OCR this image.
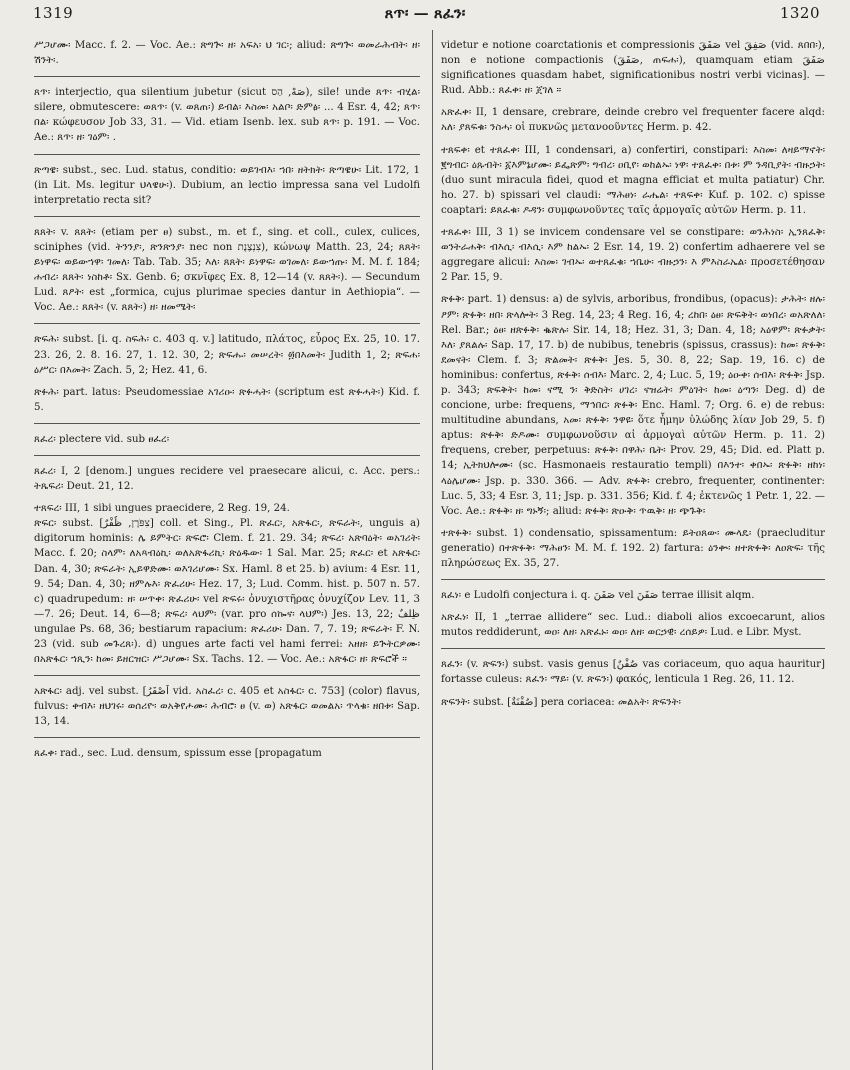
1319	ጸጥ፡ — ጸፈን፡	1320

ሥጋሆሙ፡ Macc. f. 2. — Voc. Ae.: ጽግጕ፡ ዘ፡ አፍአ፡ ህ ገር፡; aliud: ጽግጕ፡ ወመራሕብት፡ ዘ፡ ሽንት፡.

ጸጥ፡ interjectio, qua silentium jubetur (sicut صَهْ, הַס), sile! unde ጸጥ፡ ብሂል፡ silere, obmutescere: ወጸጥ፡ (v. ወጸጠ፡) ይብል፡ እስመ፡ አልቦ፡ ድምፅ፡ ... 4 Esr. 4, 42; ጸጥ፡ በል፡ κώφευσον Job 33, 31. — Vid. etiam Isenb. lex. sub ጸጥ፡ p. 191. — Voc. Ae.: ጸጥ፡ ዘ፡ ገዕም፡ .

ጽጣዌ፡ subst., sec. Lud. status, conditio: ወይገብእ፡ ኀበ፡ ዘትክት፡ ጽጣዌሁ፡ Lit. 172, 1 (in Lit. Ms. legitur ህላዌሁ፡). Dubium, an lectio impressa sana vel Ludolfi interpretatio recta sit?

ጸጸት፡ v. ጸጸት፡ (etiam per ፀ) subst., m. et f., sing. et coll., culex, culices, sciniphes (vid. ትንንያ፡, ጽንጽንያ፡ nec non צִנְצֶנֶת), κώνωψ Matth. 23, 24; ጸጸት፡ ይነዋፍ፡ ወይውኀዋ፡ ገመለ፡ Tab. Tab. 35; እለ፡ ጸጸት፡ ይነዋፍ፡ ወገመለ፡ ይውኀጡ፡ M. M. f. 184; ሐብረ፡ ጸጸት፡ ነስከቶ፡ Sx. Genb. 6; σκνῖφες Ex. 8, 12—14 (v. ጸጸት፡). — Secundum Lud. ጸዖት፡ est „formica, cujus plurimae species dantur in Aethiopia“. — Voc. Ae.: ጸጸት፡ (v. ጸጸት፡) ዘ፡ ዘመሜት፡

ጽፍሕ፡ subst. [i. q. ስፍሕ፡ c. 403 q. v.] latitudo, πλάτος, εὖρος Ex. 25, 10. 17. 23. 26, 2. 8. 16. 27, 1. 12. 30, 2; ጽፍሑ፡ መሠረት፡ ፴በእመት፡ Judith 1, 2; ጽፍሐ፡ ዕሥር፡ በእመት፡ Zach. 5, 2; Hez. 41, 6.

ጽፉሕ፡ part. latus: Pseudomessiae አገሪዑ፡ ጽፉሓት፡ (scriptum est ጽፉሓት፡) Kid. f. 5.

ጸፈረ፡ plectere vid. sub ፀፈረ፡

ጸፈረ፡ I, 2 [denom.] ungues recidere vel praesecare alicui, c. Acc. pers.: ትጼፍሪ፡ Deut. 21, 12.

ተጸፍረ፡ III, 1 sibi ungues praecidere, 2 Reg. 19, 24.

ጽፍር፡ subst. [צִפֹּרֶן, ظُفْرٌ] coll. et Sing., Pl. ጽፈር፡, አጽፋር፡, ጽፍራት፡, unguis a) digitorum hominis: ሌ ይምትር፡ ጽፍሮ፡ Clem. f. 21. 29. 34; ጽፍረ፡ አጽባዕት፡ ወአገሪት፡ Macc. f. 20; ስላም፡ ለአጻብዕኪ፡ ወለአጽፋሪኪ፡ ጽዕዱው፡ 1 Sal. Mar. 25; ጽፈር፡ et አጽፋር፡ Dan. 4, 30; ጽፍራት፡ ኢይዋድሙ፡ ወእገሪሆሙ፡ Sx. Haml. 8 et 25. b) avium: 4 Esr. 11, 9. 54; Dan. 4, 30; ዘምሉእ፡ ጽፈሪሁ፡ Hez. 17, 3; Lud. Comm. hist. p. 507 n. 57. c) quadrupedum: ዘ፡ ሠጥቀ፡ ጽፈሪሁ፡ vel ጽፍሩ፡ ὀνυχιστῆρας ὀνυχίζον Lev. 11, 3—7. 26; Deut. 14, 6—8; ጽፍረ፡ ላህም፡ (var. pro ሰኰና፡ ላህም፡) Jes. 13, 22; ظِلفٌ ungulae Ps. 68, 36; bestiarum rapacium: ጽፈሪሁ፡ Dan. 7, 7. 19; ጽፍራት፡ F. N. 23 (vid. sub መጉረጸ፡). d) ungues arte facti vel hami ferrei: አዘዘ፡ ይጕትርዎሙ፡ በአጽፋር፡ ኀጺን፡ ከመ፡ ይዘርዝር፡ ሥጋሆሙ፡ Sx. Tachs. 12. — Voc. Ae.: አጽፋር፡ ዘ፡ ጽፍሮች ።

አጽፋር፡ adj. vel subst. [اَصْفَرُ vid. አስፈረ፡ c. 405 et አስፋር፡ c. 753] (color) flavus, fulvus: ቀብእ፡ ዘህገሩ፡ ወሰሪዮ፡ ወአቅየሖሙ፡ ሕብሮ፡ ፀ (v. ወ) አጽፋር፡ ወመልአ፡ ጥላቁ፡ ዘበቱ፡ Sap. 13, 14.

ጸፈቀ፡ rad., sec. Lud. densum, spissum esse [propagatum

videtur e notione coarctationis et compressionis صَفَقَ vel صَفِقَ (vid. ጸበበ፡), non e notione compactionis (صَفَقَ, ጠፍሐ፡), quamquam etiam صَفَقَ significationes quasdam habet, significationibus nostri verbi vicinas]. — Rud. Abb.: ጸፈቀ፡ ዘ፡ ጀገለ ።

አጽፈቀ፡ II, 1 densare, crebrare, deinde crebro vel frequenter facere alqd: አለ፡ ያጸፍቁ፡ ንስሓ፡ οἱ πυκνῶς μετανοοῦντες Herm. p. 42.

ተጸፍቀ፡ et ተጸፈቀ፡ III, 1 condensari, a) confertiri, constipari: እስመ፡ ለዛይማኖት፡ ፪ግብር፡ ዕጹብት፡ ፩እምኔሆሙ፡ ይፌጽም፡ ግብረ፡ ዐቢየ፡ ወከልኡ፡ ነዋ፡ ተጸፈቀ፡ በቱ፡ ም ንዳቢያት፡ ብዙኃት፡ (duo sunt miracula fidei, quod et magna efficiat et multa patiatur) Chr. ho. 27. b) spissari vel claudi: ማሕፀነ፡ ራሔል፡ ተጸፍቀ፡ Kuf. p. 102. c) spisse coaptari: ይጸፈቁ፡ ዶዳን፡ συμφωνοῦντες ταῖς ἁρμογαῖς αὐτῶν Herm. p. 11.

ተጸፈቀ፡ III, 3 1) se invicem condensare vel se constipare: ወንሕነስ፡ ኢንጸፈቅ፡ ወንትራሐቅ፡ ብእሲ፡ ብእሲ፡ እም ከልኡ፡ 2 Esr. 14, 19. 2) confertim adhaerere vel se aggregare alicui: እስመ፡ ገብኡ፡ ወተጸፈቁ፡ ኀቤሁ፡ ብዙኃን፡ እ ምእስራኤል፡ προσετέθησαν 2 Par. 15, 9.

ጽፉቅ፡ part. 1) densus: a) de sylvis, arboribus, frondibus, (opacus): ታሕት፡ ዘሉ፡ ዖም፡ ጽፉቅ፡ ዘበ፡ ጽላሎት፡ 3 Reg. 14, 23; 4 Reg. 16, 4; ረከበ፡ ዕፀ፡ ጽፍቅት፡ ወነበረ፡ ወአጽለለ፡ Rel. Bar.; ዕፀ፡ ዘጽፉቅ፡ ቈጽሉ፡ Sir. 14, 18; Hez. 31, 3; Dan. 4, 18; አዕዋም፡ ጽፉቃት፡ እለ፡ ያጸልሉ፡ Sap. 17, 17. b) de nubibus, tenebris (spissus, crassus): ከመ፡ ጽፉቅ፡ ደመናት፡ Clem. f. 3; ጽልመት፡ ጽፉቅ፡ Jes. 5, 30. 8, 22; Sap. 19, 16. c) de hominibus: confertus, ጽፉቅ፡ ሰብእ፡ Marc. 2, 4; Luc. 5, 19; ዕዑቀ፡ ሰብእ፡ ጽፉቅ፡ Jsp. p. 343; ጽፍቅት፡ ከመ፡ ናሚ ን፡ ቅድስት፡ ሀገረ፡ ናዝሬት፡ ምዕገት፡ ከመ፡ ዕጣን፡ Deg. d) de concione, urbe: frequens, ማኅበር፡ ጽፉቅ፡ Enc. Haml. 7; Org. 6. e) de rebus: multitudine abundans, አመ፡ ጽፉቅ፡ ንዋዩ፡ ὅτε ἦμην ὑλώδης λίαν Job 29, 5. f) aptus: ጽፉቅ፡ ድዶሙ፡ συμφωνοῦσιν αἱ ἁρμογαὶ αὐτῶν Herm. p. 11. 2) frequens, creber, perpetuus: ጽፉቅ፡ በዋሕ፡ ቤት፡ Prov. 29, 45; Did. ed. Platt p. 14; ኢትክህሎሙ፡ (sc. Hasmonaeis restauratio templi) በእንተ፡ ቀበኡ፡ ጽፉቅ፡ ዘከነ፡ ላዕሌሆሙ፡ Jsp. p. 330. 366. — Adv. ጽፉቅ፡ crebro, frequenter, continenter: Luc. 5, 33; 4 Esr. 3, 11; Jsp. p. 331. 356; Kid. f. 4; ἐκτενῶς 1 Petr. 1, 22. — Voc. Ae.: ጽፉቅ፡ ዘ፡ ግኑኝ፡; aliud: ጽፉቅ፡ ጽዑቅ፡ ጥዉቅ፡ ዘ፡ ጭጉቅ፡

ተጽፉቅ፡ subst. 1) condensatio, spissamentum: ይትዐጸው፡ ሙላዴ፡ (praecluditur generatio) በተጽፉቅ፡ ማሕፀን፡ M. M. f. 192. 2) fartura: ዕንቍ፡ ዘተጽፉቅ፡ ለዐጽፍ፡ τῆς πληρώσεως Ex. 35, 27.

ጸፈነ፡ e Ludolfi conjectura i. q. صَفَنَ vel صَفَنَ terrae illisit alqm.

አጽፈነ፡ II, 1 „terrae allidere“ sec. Lud.: diaboli alios excoecarunt, alios mutos reddiderunt, ወዐ፡ ለዘ፡ አጽፈኑ፡ ወዐ፡ ለዘ፡ ወርኃዊ፡ ረሰይዎ፡ Lud. e Libr. Myst.

ጸፈን፡ (v. ጽፍን፡) subst. vasis genus [صُفْنٌ vas coriaceum, quo aqua hauritur] fortasse culeus: ጸፈን፡ ማይ፡ (v. ጽፍን፡) φακός, lenticula 1 Reg. 26, 11. 12.

ጽፍንት፡ subst. [صُفْنَةٌ] pera coriacea: መልአት፡ ጽፍንት፡
